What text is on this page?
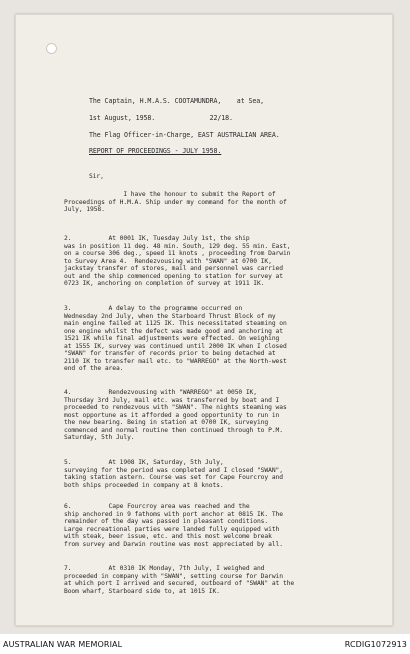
The Captain, H.M.A.S. COOTAMUNDRA,    at Sea,
1st August, 1958.              22/18.
The Flag Officer-in-Charge, EAST AUSTRALIAN AREA.
REPORT OF PROCEEDINGS - JULY 1958.
Sir,
I have the honour to submit the Report of
Proceedings of H.M.A. Ship under my command for the month of
July, 1958.
2.          At 0001 IK, Tuesday July 1st, the ship
was in position 11 deg. 48 min. South, 129 deg. 55 min. East,
on a course 306 deg., speed 11 knots , proceeding from Darwin
to Survey Area 4.  Rendezvousing with "SWAN" at 0700 IK,
jackstay transfer of stores, mail and personnel was carried
out and the ship commenced opening to station for survey at
0723 IK, anchoring on completion of survey at 1911 IK.
3.          A delay to the programme occurred on
Wednesday 2nd July, when the Starboard Thrust Block of my
main engine failed at 1125 IK. This necessitated steaming on
one engine whilst the defect was made good and anchoring at
1521 IK while final adjustments were effected. On weighing
at 1555 IK, survey was continued until 2000 IK when I closed
"SWAN" for transfer of records prior to being detached at
2110 IK to transfer mail etc. to "WARREGO" at the North-west
end of the area.
4.          Rendezvousing with "WARREGO" at 0050 IK,
Thursday 3rd July, mail etc. was transferred by boat and I
proceeded to rendezvous with "SWAN". The nights steaming was
most opportune as it afforded a good opportunity to run in
the new bearing. Being in station at 0700 IK, surveying
commenced and normal routine then continued through to P.M.
Saturday, 5th July.
5.          At 1908 IK, Saturday, 5th July,
surveying for the period was completed and I closed "SWAN",
taking station astern. Course was set for Cape Fourcroy and
both ships proceeded in company at 8 knots.
6.          Cape Fourcroy area was reached and the
ship anchored in 9 fathoms with port anchor at 0815 IK. The
remainder of the day was passed in pleasant conditions.
Large recreational parties were landed fully equipped with
with steak, beer issue, etc. and this most welcome break
from survey and Darwin routine was most appreciated by all.
7.          At 0310 IK Monday, 7th July, I weighed and
proceeded in company with "SWAN", setting course for Darwin
at which port I arrived and secured, outboard of "SWAN" at the
Boom wharf, Starboard side to, at 1015 IK.
AUSTRALIAN WAR MEMORIAL	RCDIG1072913
